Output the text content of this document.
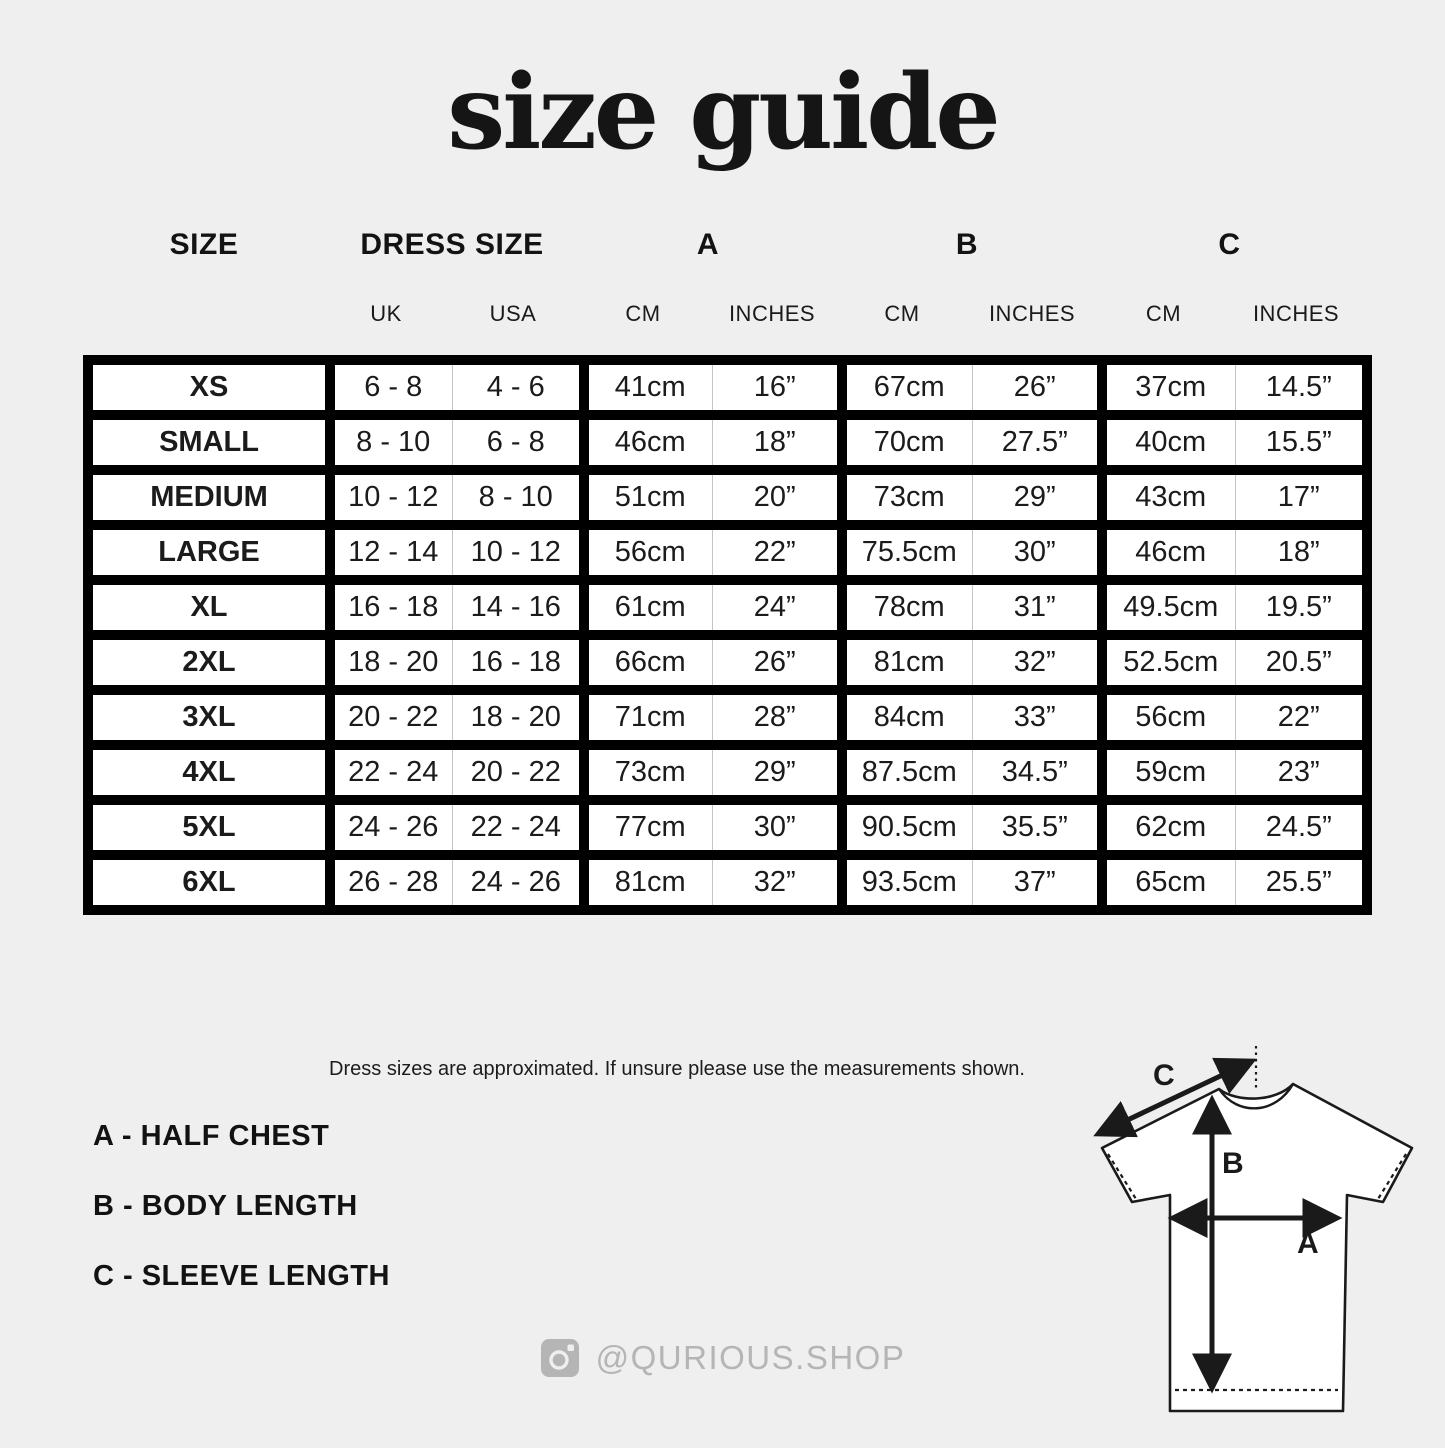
size guide
SIZE	DRESS SIZE	A	B	C
UK	USA	CM	INCHES	CM	INCHES	CM	INCHES
XS	6 - 8	4 - 6	41cm	16”	67cm	26”	37cm	14.5”
SMALL	8 - 10	6 - 8	46cm	18”	70cm	27.5”	40cm	15.5”
MEDIUM	10 - 12	8 - 10	51cm	20”	73cm	29”	43cm	17”
LARGE	12 - 14	10 - 12	56cm	22”	75.5cm	30”	46cm	18”
XL	16 - 18	14 - 16	61cm	24”	78cm	31”	49.5cm	19.5”
2XL	18 - 20	16 - 18	66cm	26”	81cm	32”	52.5cm	20.5”
3XL	20 - 22	18 - 20	71cm	28”	84cm	33”	56cm	22”
4XL	22 - 24	20 - 22	73cm	29”	87.5cm	34.5”	59cm	23”
5XL	24 - 26	22 - 24	77cm	30”	90.5cm	35.5”	62cm	24.5”
6XL	26 - 28	24 - 26	81cm	32”	93.5cm	37”	65cm	25.5”
Dress sizes are approximated. If unsure please use the measurements shown.
A - HALF CHEST
B - BODY LENGTH
C - SLEEVE LENGTH
@QURIOUS.SHOP
C
B
A
